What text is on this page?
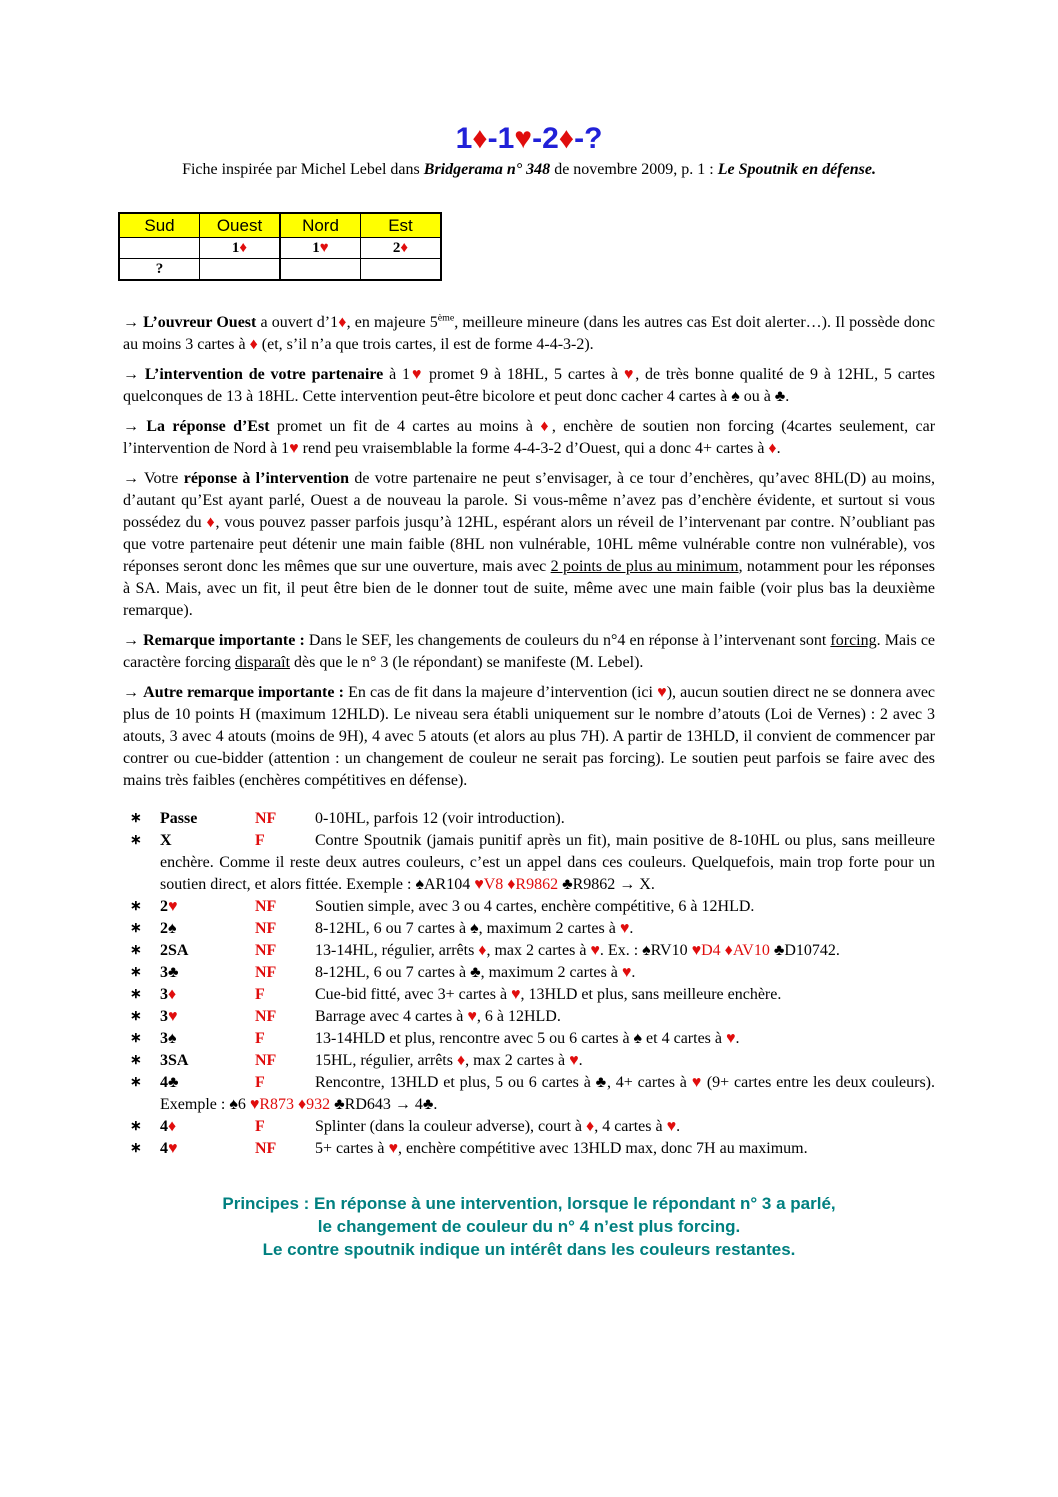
1♦-1♥-2♦-?
Fiche inspirée par Michel Lebel dans Bridgerama n° 348 de novembre 2009, p. 1 : Le Spoutnik en défense.
Sud	Ouest	Nord	Est
	1♦	1♥	2♦
?			

→ L’ouvreur Ouest a ouvert d’1♦, en majeure 5ème, meilleure mineure (dans les autres cas Est doit alerter…). Il possède donc au moins 3 cartes à ♦ (et, s’il n’a que trois cartes, il est de forme 4-4-3-2).

→ L’intervention de votre partenaire à 1♥ promet 9 à 18HL, 5 cartes à ♥, de très bonne qualité de 9 à 12HL, 5 cartes quelconques de 13 à 18HL. Cette intervention peut-être bicolore et peut donc cacher 4 cartes à ♠ ou à ♣.

→ La réponse d’Est promet un fit de 4 cartes au moins à ♦, enchère de soutien non forcing (4cartes seulement, car l’intervention de Nord à 1♥ rend peu vraisemblable la forme 4-4-3-2 d’Ouest, qui a donc 4+ cartes à ♦.

→ Votre réponse à l’intervention de votre partenaire ne peut s’envisager, à ce tour d’enchères, qu’avec 8HL(D) au moins, d’autant qu’Est ayant parlé, Ouest a de nouveau la parole. Si vous-même n’avez pas d’enchère évidente, et surtout si vous possédez du ♦, vous pouvez passer parfois jusqu’à 12HL, espérant alors un réveil de l’intervenant par contre. N’oubliant pas que votre partenaire peut détenir une main faible (8HL non vulnérable, 10HL même vulnérable contre non vulnérable), vos réponses seront donc les mêmes que sur une ouverture, mais avec 2 points de plus au minimum, notamment pour les réponses à SA. Mais, avec un fit, il peut être bien de le donner tout de suite, même avec une main faible (voir plus bas la deuxième remarque).

→ Remarque importante : Dans le SEF, les changements de couleurs du n°4 en réponse à l’intervenant sont forcing. Mais ce caractère forcing disparaît dès que le n° 3 (le répondant) se manifeste (M. Lebel).

→ Autre remarque importante : En cas de fit dans la majeure d’intervention (ici ♥), aucun soutien direct ne se donnera avec plus de 10 points H (maximum 12HLD). Le niveau sera établi uniquement sur le nombre d’atouts (Loi de Vernes) : 2 avec 3 atouts, 3 avec 4 atouts (moins de 9H), 4 avec 5 atouts (et alors au plus 7H). A partir de 13HLD, il convient de commencer par contrer ou cue-bidder (attention : un changement de couleur ne serait pas forcing). Le soutien peut parfois se faire avec des mains très faibles (enchères compétitives en défense).

∗ Passe	NF 0-10HL, parfois 12 (voir introduction).
∗ X	F	Contre Spoutnik (jamais punitif après un fit), main positive de 8-10HL ou plus, sans meilleure enchère. Comme il reste deux autres couleurs, c’est un appel dans ces couleurs. Quelquefois, main trop forte pour un soutien direct, et alors fittée. Exemple : ♠AR104 ♥V8 ♦R9862 ♣R9862 → X.
∗ 2♥	NF Soutien simple, avec 3 ou 4 cartes, enchère compétitive, 6 à 12HLD.
∗ 2♠	NF 8-12HL, 6 ou 7 cartes à ♠, maximum 2 cartes à ♥.
∗ 2SA	NF 13-14HL, régulier, arrêts ♦, max 2 cartes à ♥. Ex. : ♠RV10 ♥D4 ♦AV10 ♣D10742.
∗ 3♣	NF 8-12HL, 6 ou 7 cartes à ♣, maximum 2 cartes à ♥.
∗ 3♦	F	Cue-bid fitté, avec 3+ cartes à ♥, 13HLD et plus, sans meilleure enchère.
∗ 3♥	NF Barrage avec 4 cartes à ♥, 6 à 12HLD.
∗ 3♠	F	13-14HLD et plus, rencontre avec 5 ou 6 cartes à ♠ et 4 cartes à ♥.
∗ 3SA	NF 15HL, régulier, arrêts ♦, max 2 cartes à ♥.
∗ 4♣	F	Rencontre, 13HLD et plus, 5 ou 6 cartes à ♣, 4+ cartes à ♥ (9+ cartes entre les deux couleurs). Exemple : ♠6 ♥R873 ♦932 ♣RD643 → 4♣.
∗ 4♦	F	Splinter (dans la couleur adverse), court à ♦, 4 cartes à ♥.
∗ 4♥	NF 5+ cartes à ♥, enchère compétitive avec 13HLD max, donc 7H au maximum.
Principes : En réponse à une intervention, lorsque le répondant n° 3 a parlé,
le changement de couleur du n° 4 n’est plus forcing.
Le contre spoutnik indique un intérêt dans les couleurs restantes.
